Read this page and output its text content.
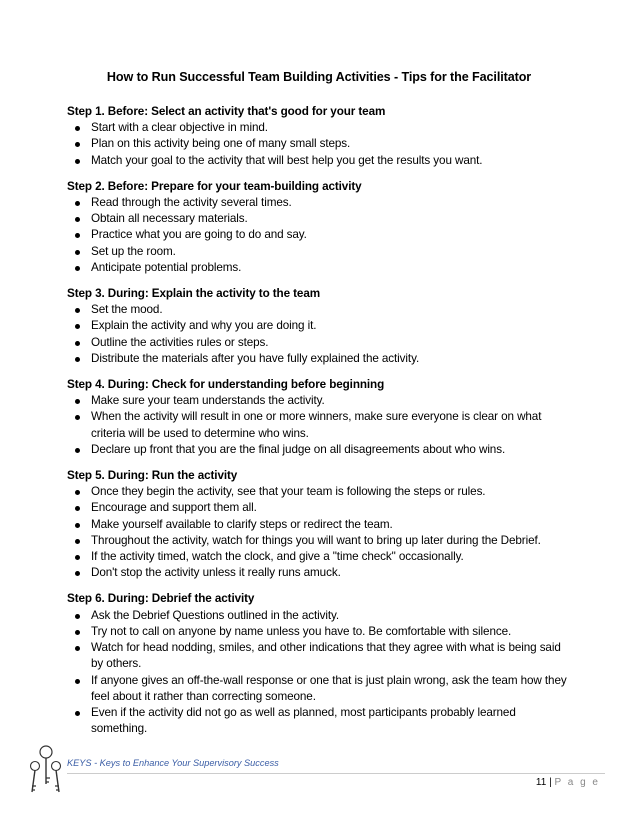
How to Run Successful Team Building Activities - Tips for the Facilitator
Step 1. Before: Select an activity that's good for your team
Start with a clear objective in mind.
Plan on this activity being one of many small steps.
Match your goal to the activity that will best help you get the results you want.
Step 2. Before: Prepare for your team-building activity
Read through the activity several times.
Obtain all necessary materials.
Practice what you are going to do and say.
Set up the room.
Anticipate potential problems.
Step 3. During: Explain the activity to the team
Set the mood.
Explain the activity and why you are doing it.
Outline the activities rules or steps.
Distribute the materials after you have fully explained the activity.
Step 4. During: Check for understanding before beginning
Make sure your team understands the activity.
When the activity will result in one or more winners, make sure everyone is clear on what criteria will be used to determine who wins.
Declare up front that you are the final judge on all disagreements about who wins.
Step 5. During: Run the activity
Once they begin the activity, see that your team is following the steps or rules.
Encourage and support them all.
Make yourself available to clarify steps or redirect the team.
Throughout the activity, watch for things you will want to bring up later during the Debrief.
If the activity timed, watch the clock, and give a "time check" occasionally.
Don't stop the activity unless it really runs amuck.
Step 6. During: Debrief the activity
Ask the Debrief Questions outlined in the activity.
Try not to call on anyone by name unless you have to. Be comfortable with silence.
Watch for head nodding, smiles, and other indications that they agree with what is being said by others.
If anyone gives an off-the-wall response or one that is just plain wrong, ask the team how they feel about it rather than correcting someone.
Even if the activity did not go as well as planned, most participants probably learned something.
KEYS - Keys to Enhance Your Supervisory Success
11 | P a g e
